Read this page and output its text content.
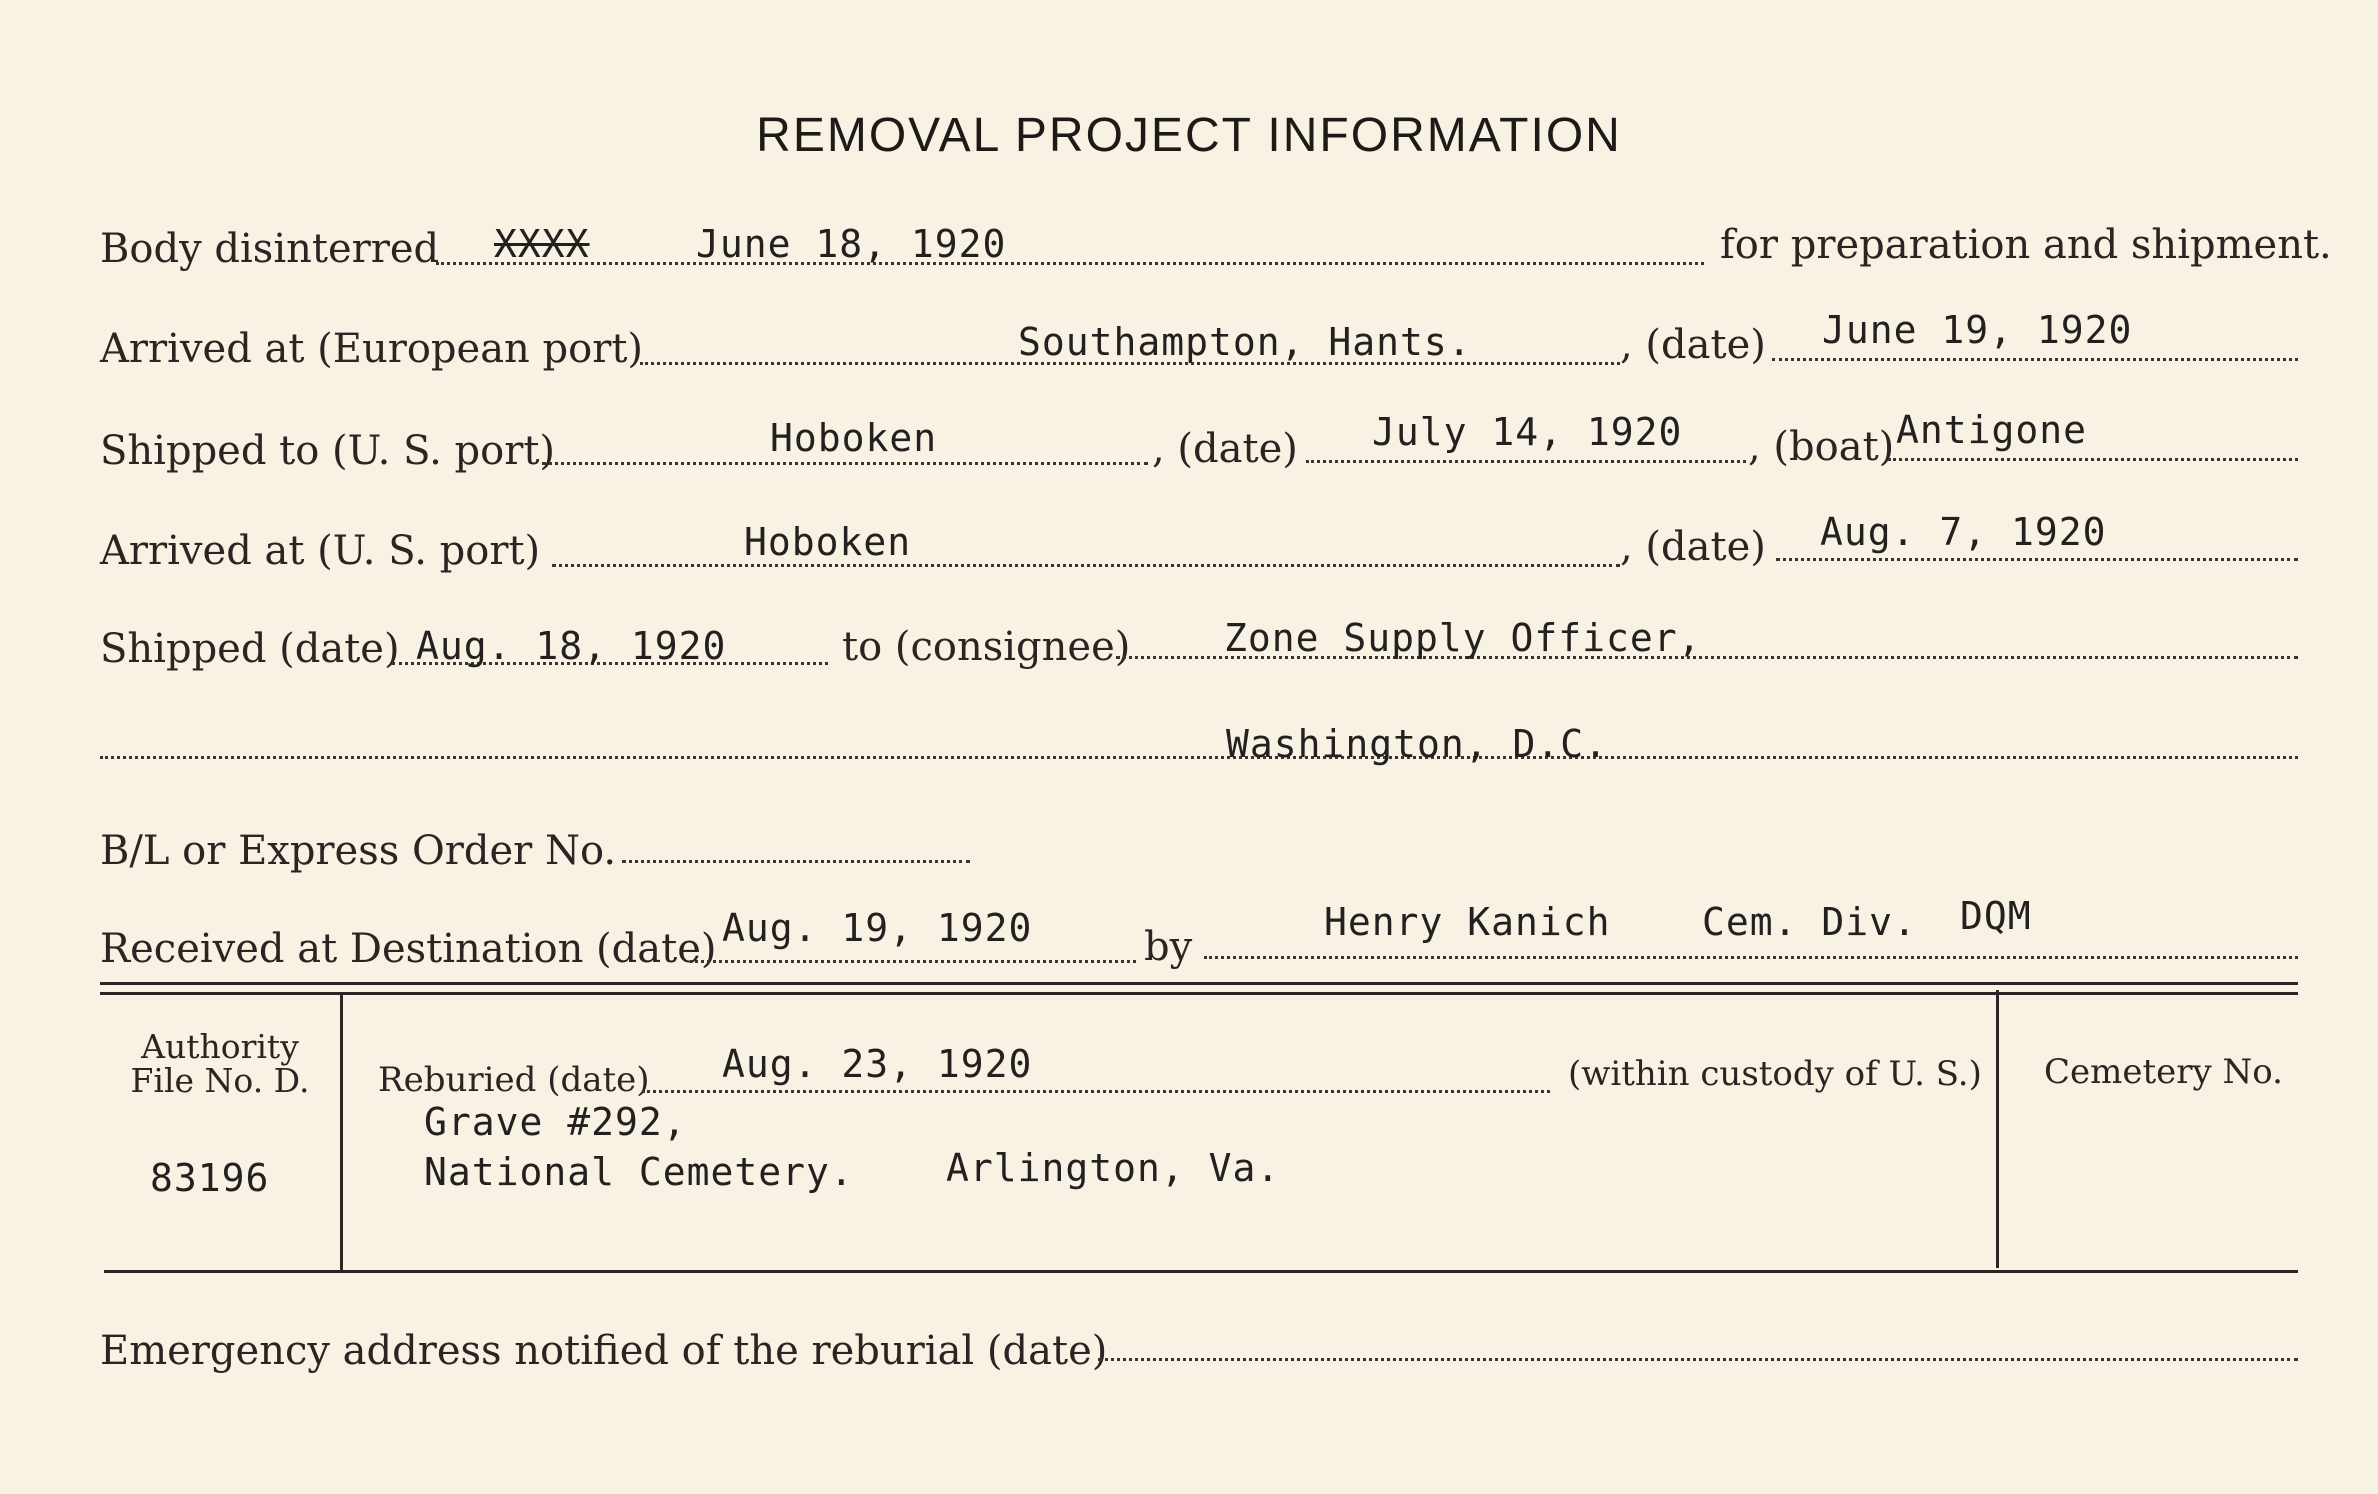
REMOVAL PROJECT INFORMATION
Body disinterred XXXX	June 18, 1920	for preparation and shipment.
Arrived at (European port)	Southampton, Hants.	, (date) June 19, 1920
Shipped to (U. S. port)	Hoboken	, (date) July 14, 1920 , (boat) Antigone
Arrived at (U. S. port)	Hoboken	, (date) Aug. 7, 1920
Shipped (date) Aug. 18, 1920	to (consignee) Zone Supply Officer,
Washington, D.C.
B/L or Express Order No.
Received at Destination (date) Aug. 19, 1920	by
Henry Kanich Cem. Div. DQM
Authority
File No. D.
83196
Reburied (date) Aug. 23, 1920	(within custody of U. S.)
Grave #292,
National Cemetery. Arlington, Va.
Cemetery No.
Emergency address notified of the reburial (date)
